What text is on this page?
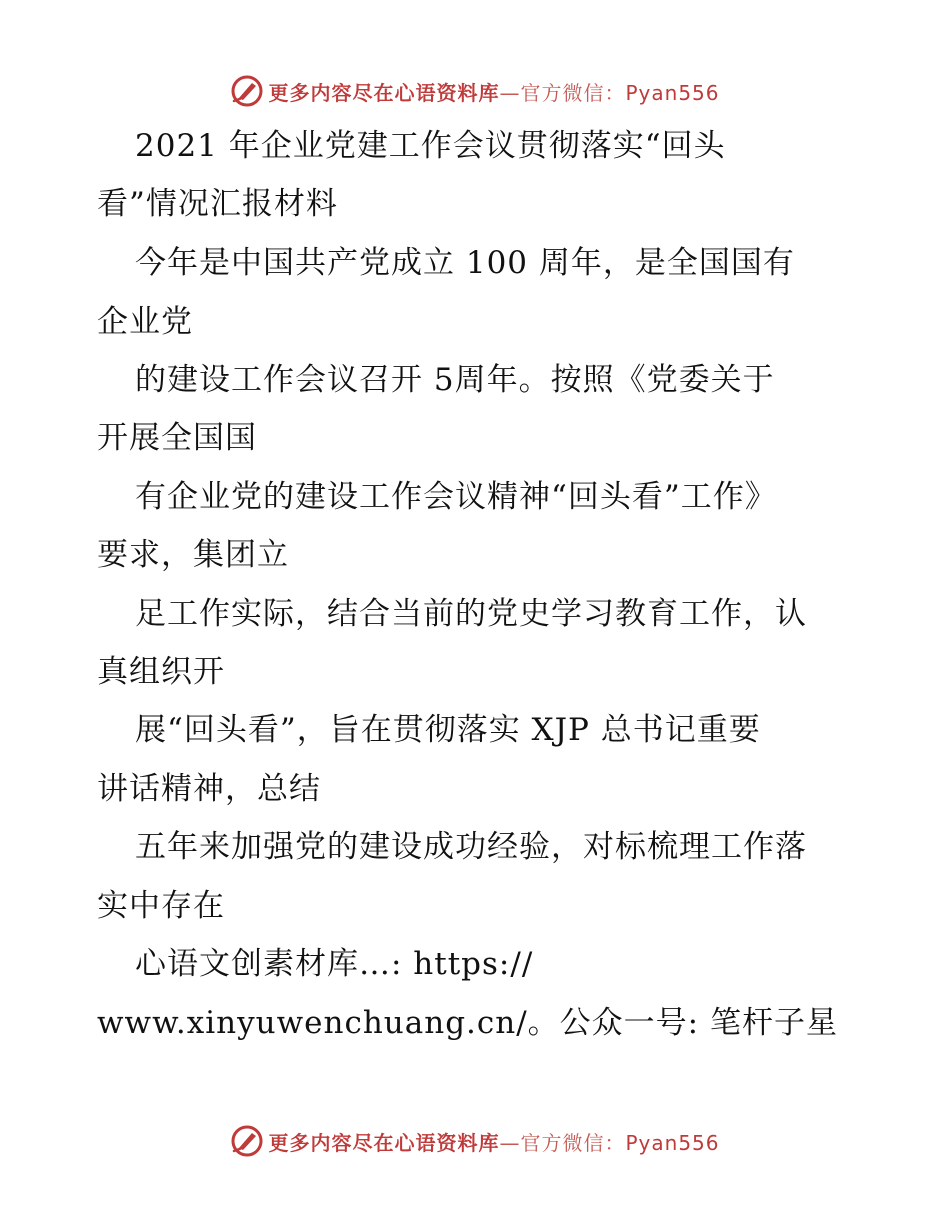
更多内容尽在心语资料库—官方微信：Pyan556
2021 年企业党建工作会议贯彻落实“回头
看”情况汇报材料
今年是中国共产党成立 100 周年，是全国国有
企业党
的建设工作会议召开 5周年。按照《党委关于
开展全国国
有企业党的建设工作会议精神“回头看”工作》
要求，集团立
足工作实际，结合当前的党史学习教育工作，认
真组织开
展“回头看”，旨在贯彻落实 XJP 总书记重要
讲话精神，总结
五年来加强党的建设成功经验，对标梳理工作落
实中存在
心语文创素材库…: https://
www.xinyuwenchuang.cn/。公众一号: 笔杆子星
更多内容尽在心语资料库—官方微信：Pyan556
